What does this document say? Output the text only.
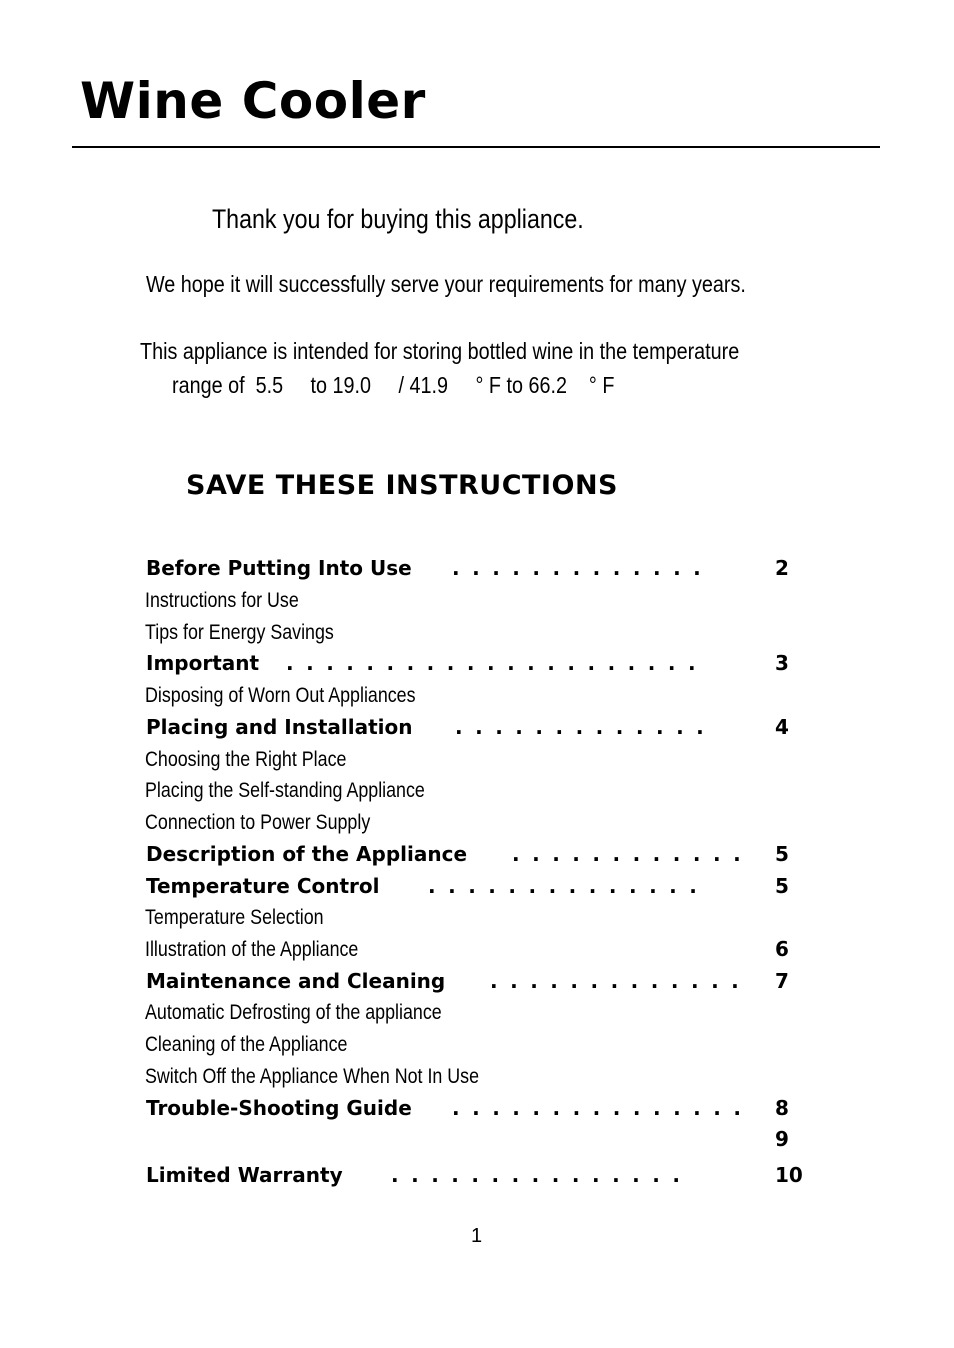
Wine Cooler
Thank you for buying this appliance.
We hope it will successfully serve your requirements for many years.
This appliance is intended for storing bottled wine in the temperature
range of  5.5     to 19.0     / 41.9     ° F to 66.2    ° F
SAVE THESE INSTRUCTIONS
Before Putting Into Use .............	2
Instructions for Use
Tips for Energy Savings
Important .....................	3
Disposing of Worn Out Appliances
Placing and Installation .............	4
Choosing the Right Place
Placing the Self-standing Appliance
Connection to Power Supply
Description of the Appliance ............ 5
Temperature Control ..............	5
Temperature Selection
Illustration of the Appliance	6
Maintenance and Cleaning ............. 7
Automatic Defrosting of the appliance
Cleaning of the Appliance
Switch Off the Appliance When Not In Use
Trouble-Shooting Guide ............... 8
9
Limited Warranty ...............	10
1
